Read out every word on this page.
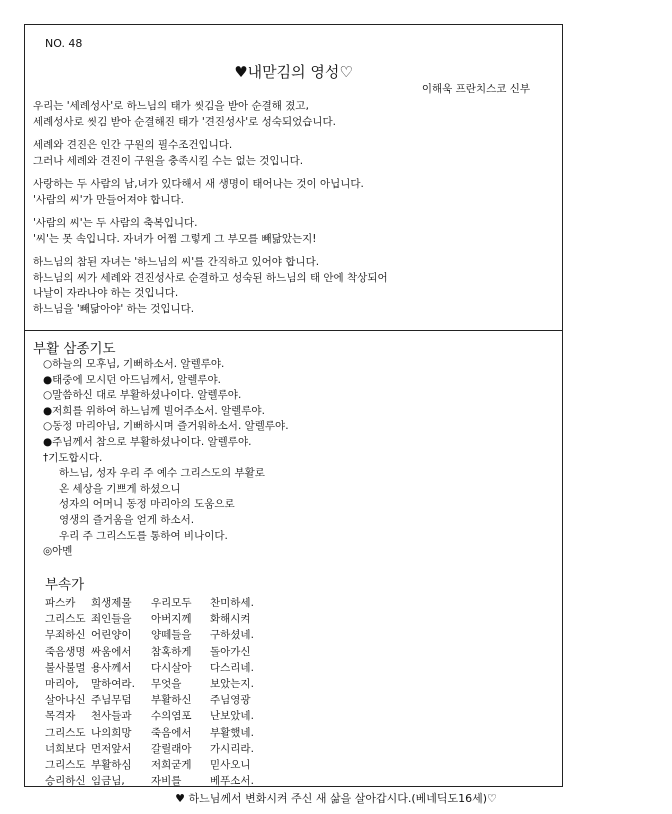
NO. 48
♥내맏김의 영성♡
이해욱 프란치스코 신부
우리는 '세례성사'로 하느님의 태가 씻김을 받아 순결해 졌고,
세례성사로 씻김 받아 순결해진 태가 '견진성사'로 성숙되었습니다.
세례와 견진은 인간 구원의 필수조건입니다.
그러나 세례와 견진이 구원을 충족시킬 수는 없는 것입니다.
사랑하는 두 사람의 남,녀가 있다해서 새 생명이 태어나는 것이 아닙니다.
'사람의 씨'가 만들어져야 합니다.
'사람의 씨'는 두 사람의 축복입니다.
'씨'는 못 속입니다. 자녀가 어쩜 그렇게 그 부모를 빼닮았는지!
하느님의 참된 자녀는 '하느님의 씨'를 간직하고 있어야 합니다.
하느님의 씨가 세례와 견진성사로 순결하고 성숙된 하느님의 태 안에 착상되어
나날이 자라나야 하는 것입니다.
하느님을 '빼닮아야' 하는 것입니다.
부활 삼종기도
○하늘의 모후님, 기뻐하소서. 알렐루야.
●태중에 모시던 아드님께서, 알렐루야.
○말씀하신 대로 부활하셨나이다. 알렐루야.
●저희를 위하여 하느님께 빌어주소서. 알렐루야.
○동정 마리아님, 기뻐하시며 즐거워하소서. 알렐루야.
●주님께서 참으로 부활하셨나이다. 알렐루야.
†기도합시다.
하느님, 성자 우리 주 예수 그리스도의 부활로
온 세상을 기쁘게 하셨으니
성자의 어머니 동정 마리아의 도움으로
영생의 즐거움을 얻게 하소서.
우리 주 그리스도를 통하여 비나이다.
◎아멘
부속가
파스카	희생제물	우리모두	찬미하세.
그리스도	죄인들을	아버지께	화해시켜
무죄하신	어린양이	양떼들을	구하셨네.
죽음생명	싸움에서	참혹하게	돌아가신
불사불멸	용사께서	다시살아	다스리네.
마리아,	말하여라.	무엇을	보았는지.
살아나신	주님무덤	부활하신	주님영광
목격자	천사들과	수의염포	난보았네.
그리스도	나의희망	죽음에서	부활했네.
너희보다	먼저앞서	갈릴래아	가시리라.
그리스도	부활하심	저희굳게	믿사오니
승리하신	임금님,	자비를	베푸소서.
♥ 하느님께서 변화시켜 주신 새 삶을 살아갑시다.(베네딕도16세)♡
